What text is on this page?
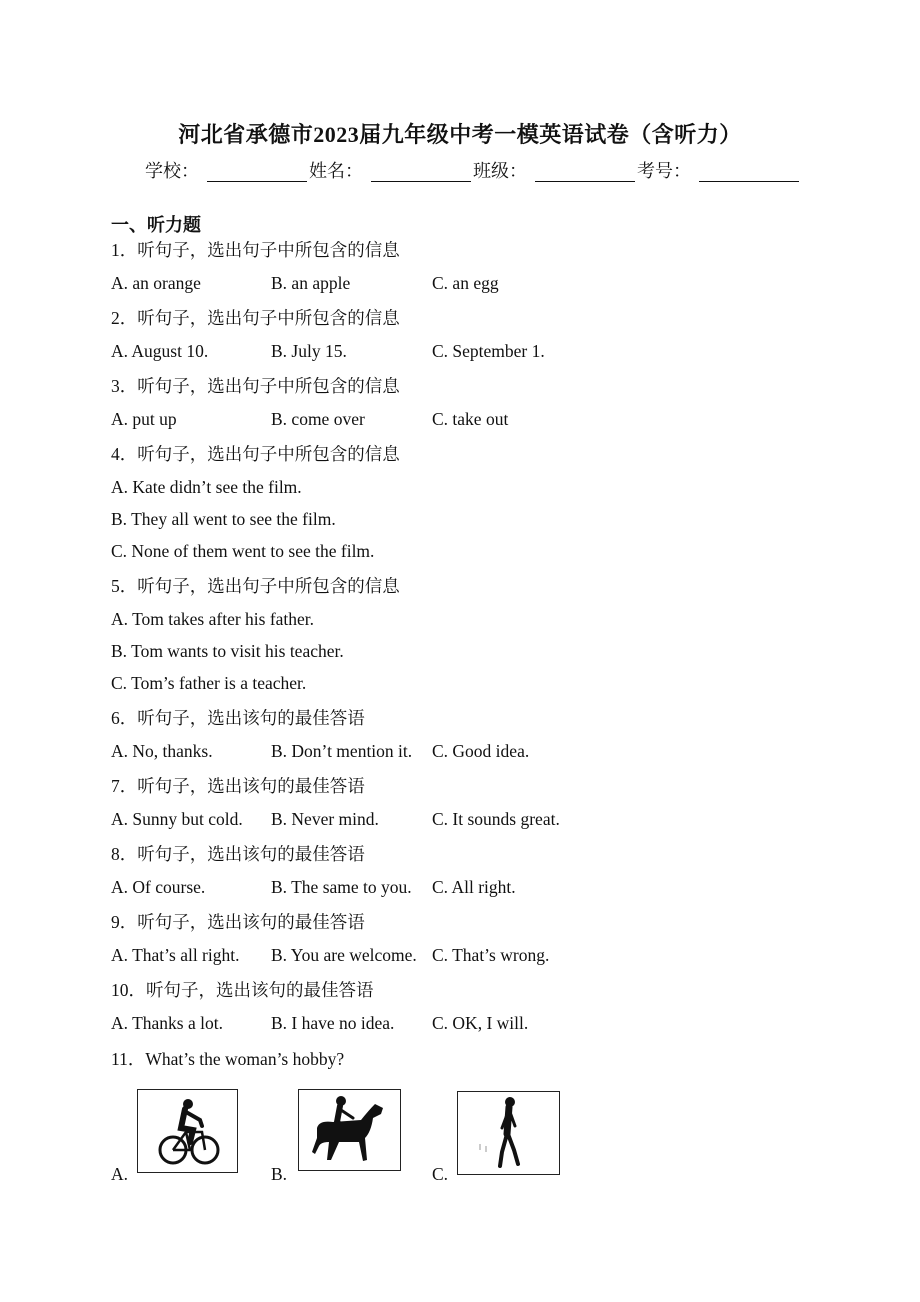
河北省承德市2023届九年级中考一模英语试卷（含听力）
学校：	姓名：	班级：	考号：
一、听力题
1．听句子，选出句子中所包含的信息
A. an orange	B. an apple	C. an egg
2．听句子，选出句子中所包含的信息
A. August 10.	B. July 15.	C. September 1.
3．听句子，选出句子中所包含的信息
A. put up	B. come over	C. take out
4．听句子，选出句子中所包含的信息
A. Kate didn’t see the film.
B. They all went to see the film.
C. None of them went to see the film.
5．听句子，选出句子中所包含的信息
A. Tom takes after his father.
B. Tom wants to visit his teacher.
C. Tom’s father is a teacher.
6．听句子，选出该句的最佳答语
A. No, thanks.	B. Don’t mention it. C. Good idea.
7．听句子，选出该句的最佳答语
A. Sunny but cold. B. Never mind.	C. It sounds great.
8．听句子，选出该句的最佳答语
A. Of course.	B. The same to you. C. All right.
9．听句子，选出该句的最佳答语
A. That’s all right. B. You are welcome. C. That’s wrong.
10．听句子，选出该句的最佳答语
A. Thanks a lot.	B. I have no idea. C. OK, I will.
11．What’s the woman’s hobby?
A.	B.	C.
